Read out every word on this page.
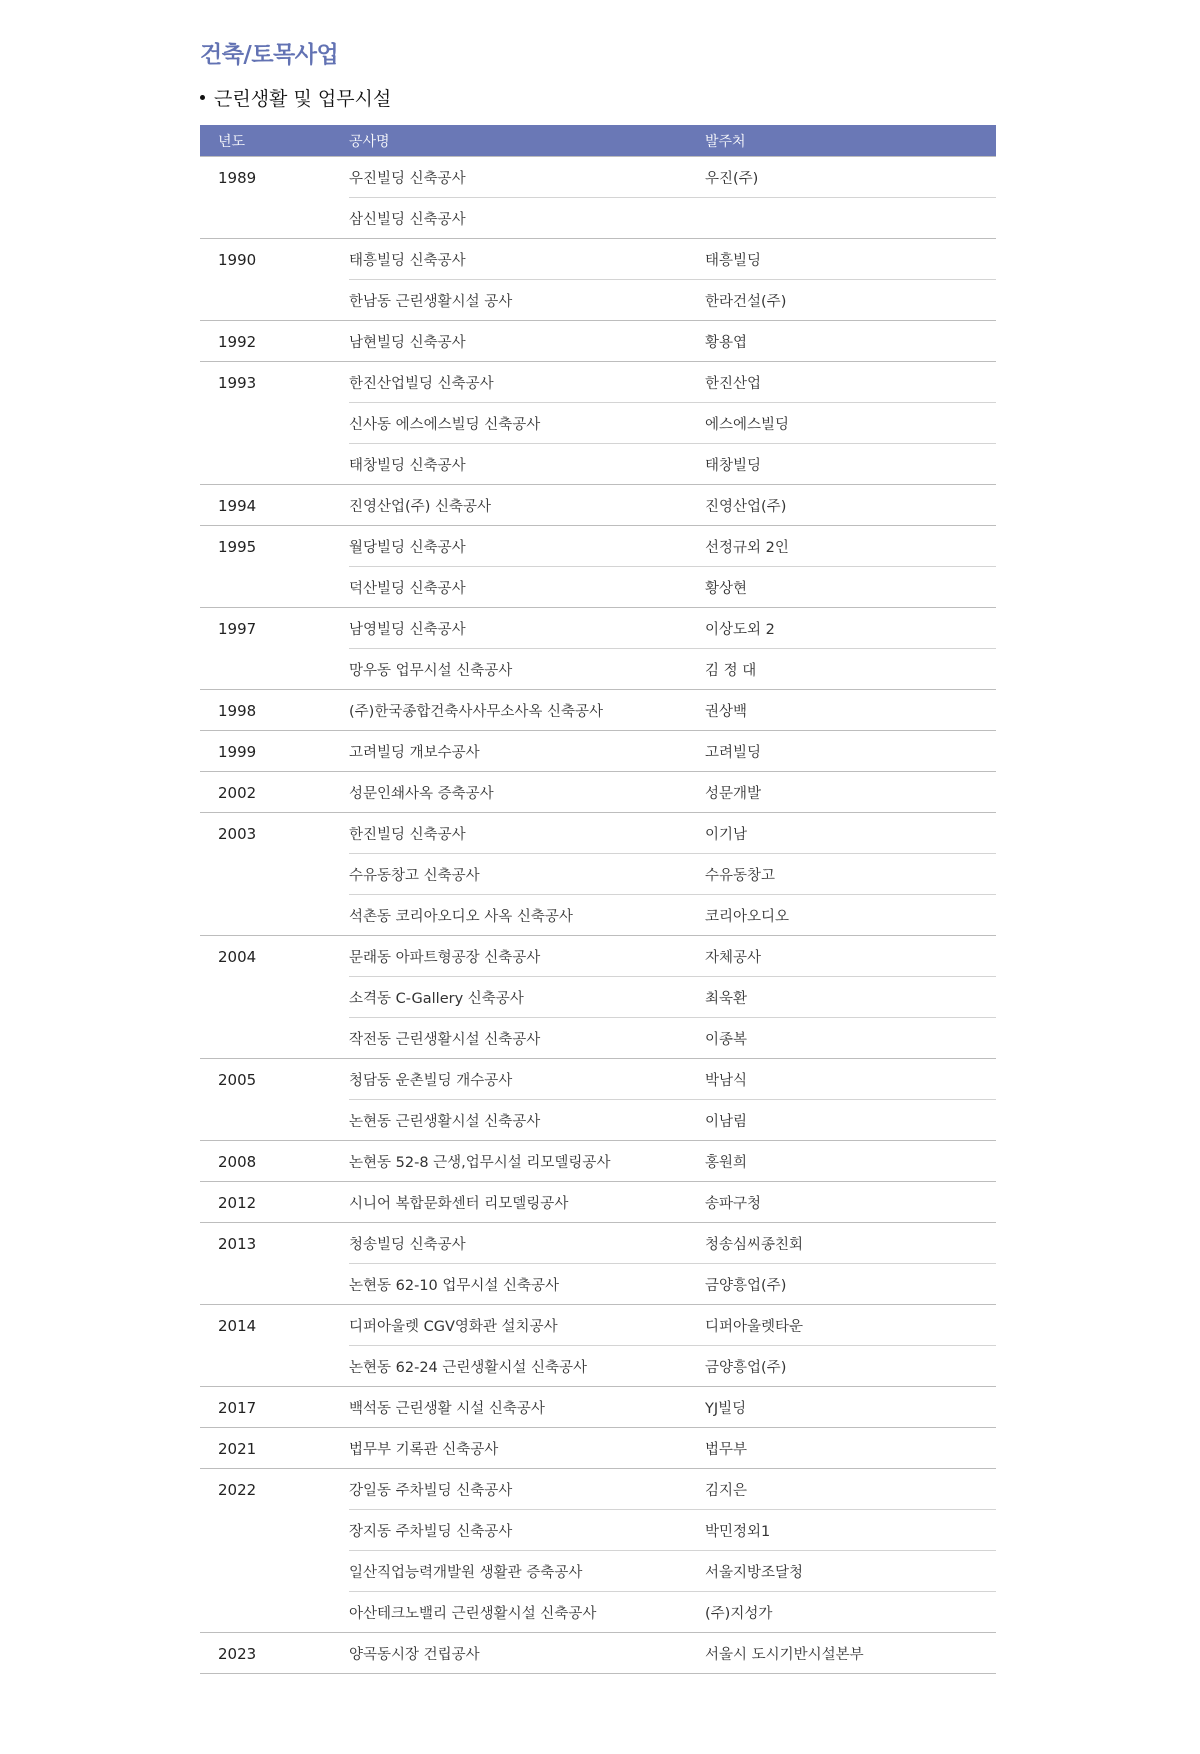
건축/토목사업
근린생활 및 업무시설
년도	공사명	발주처
1989	우진빌딩 신축공사	우진(주)
	삼신빌딩 신축공사	
1990	태흥빌딩 신축공사	태흥빌딩
	한남동 근린생활시설 공사	한라건설(주)
1992	남현빌딩 신축공사	황용엽
1993	한진산업빌딩 신축공사	한진산업
	신사동 에스에스빌딩 신축공사	에스에스빌딩
	태창빌딩 신축공사	태창빌딩
1994	진영산업(주) 신축공사	진영산업(주)
1995	월당빌딩 신축공사	선정규외 2인
	덕산빌딩 신축공사	황상현
1997	남영빌딩 신축공사	이상도외 2
	망우동 업무시설 신축공사	김 정 대
1998	(주)한국종합건축사사무소사옥 신축공사	권상백
1999	고려빌딩 개보수공사	고려빌딩
2002	성문인쇄사옥 증축공사	성문개발
2003	한진빌딩 신축공사	이기남
	수유동창고 신축공사	수유동창고
	석촌동 코리아오디오 사옥 신축공사	코리아오디오
2004	문래동 아파트형공장 신축공사	자체공사
	소격동 C-Gallery 신축공사	최욱환
	작전동 근린생활시설 신축공사	이종복
2005	청담동 운촌빌딩 개수공사	박남식
	논현동 근린생활시설 신축공사	이남림
2008	논현동 52-8 근생,업무시설 리모델링공사	홍원희
2012	시니어 복합문화센터 리모델링공사	송파구청
2013	청송빌딩 신축공사	청송심씨종친회
	논현동 62-10 업무시설 신축공사	금양흥업(주)
2014	디퍼아울렛 CGV영화관 설치공사	디퍼아울렛타운
	논현동 62-24 근린생활시설 신축공사	금양흥업(주)
2017	백석동 근린생활 시설 신축공사	YJ빌딩
2021	법무부 기록관 신축공사	법무부
2022	강일동 주차빌딩 신축공사	김지은
	장지동 주차빌딩 신축공사	박민정외1
	일산직업능력개발원 생활관 증축공사	서울지방조달청
	아산테크노밸리 근린생활시설 신축공사	(주)지성가
2023	양곡동시장 건립공사	서울시 도시기반시설본부
